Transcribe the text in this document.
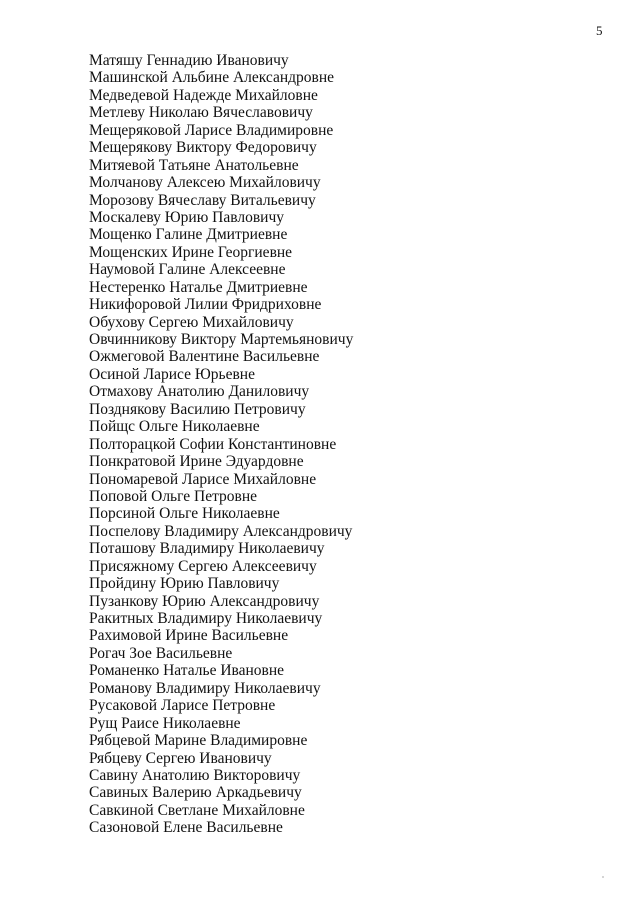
5
Матяшу Геннадию Ивановичу
Машинской Альбине Александровне
Медведевой Надежде Михайловне
Метлеву Николаю Вячеславовичу
Мещеряковой Ларисе Владимировне
Мещерякову Виктору Федоровичу
Митяевой Татьяне Анатольевне
Молчанову Алексею Михайловичу
Морозову Вячеславу Витальевичу
Москалеву Юрию Павловичу
Мощенко Галине Дмитриевне
Мощенских Ирине Георгиевне
Наумовой Галине Алексеевне
Нестеренко Наталье Дмитриевне
Никифоровой Лилии Фридриховне
Обухову Сергею Михайловичу
Овчинникову Виктору Мартемьяновичу
Ожмеговой Валентине Васильевне
Осиной Ларисе Юрьевне
Отмахову Анатолию Даниловичу
Позднякову Василию Петровичу
Пойщс Ольге Николаевне
Полторацкой Софии Константиновне
Понкратовой Ирине Эдуардовне
Пономаревой Ларисе Михайловне
Поповой Ольге Петровне
Порсиной Ольге Николаевне
Поспелову Владимиру Александровичу
Поташову Владимиру Николаевичу
Присяжному Сергею Алексеевичу
Пройдину Юрию Павловичу
Пузанкову Юрию Александровичу
Ракитных Владимиру Николаевичу
Рахимовой Ирине Васильевне
Рогач Зое Васильевне
Романенко Наталье Ивановне
Романову Владимиру Николаевичу
Русаковой Ларисе Петровне
Рущ Раисе Николаевне
Рябцевой Марине Владимировне
Рябцеву Сергею Ивановичу
Савину Анатолию Викторовичу
Савиных Валерию Аркадьевичу
Савкиной Светлане Михайловне
Сазоновой Елене Васильевне
